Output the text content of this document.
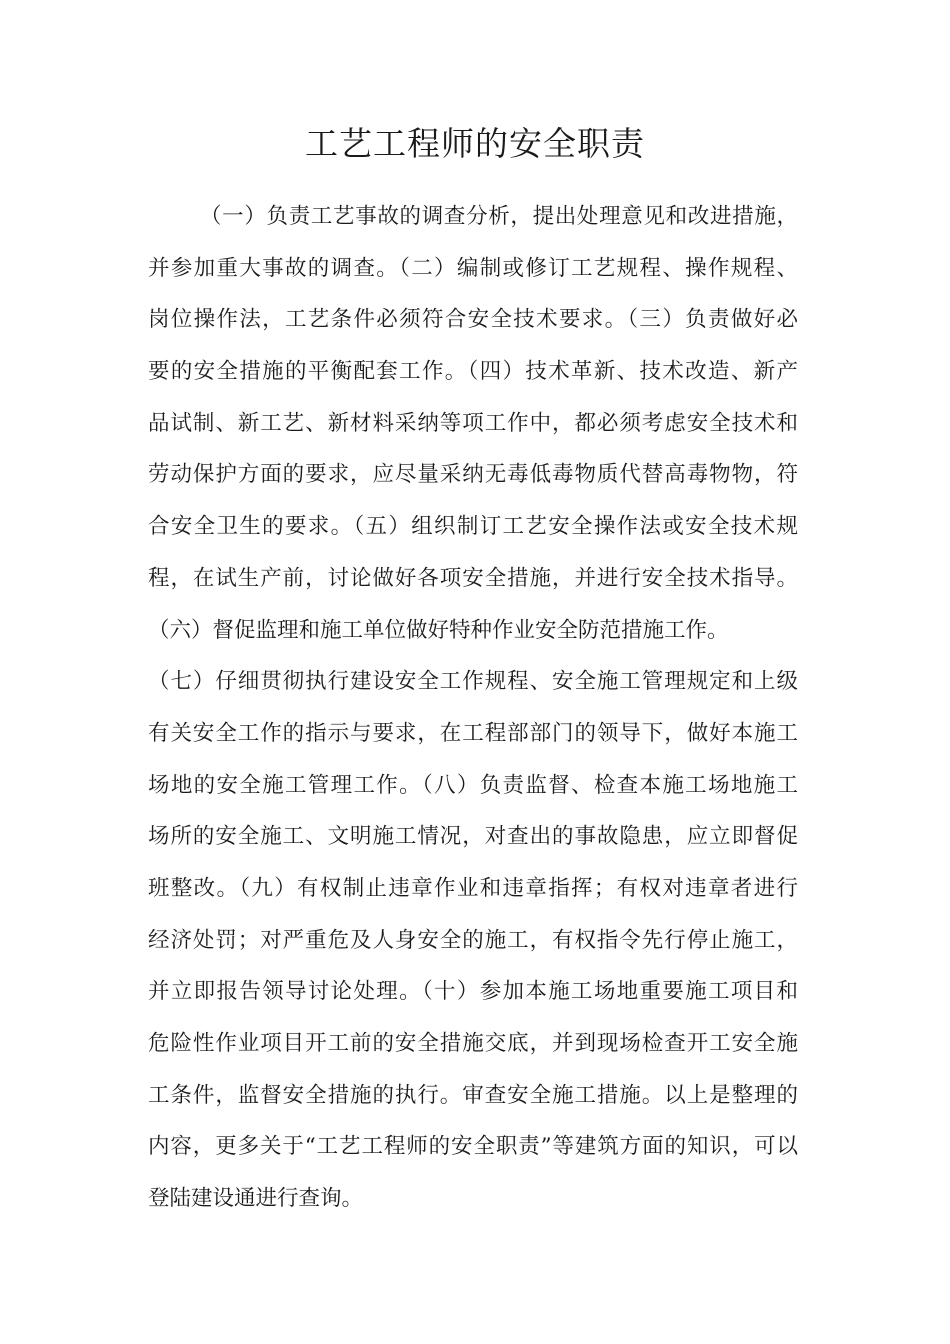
工艺工程师的安全职责
（一）负责工艺事故的调查分析，提出处理意见和改进措施，
并参加重大事故的调查。（二）编制或修订工艺规程、操作规程、
岗位操作法，工艺条件必须符合安全技术要求。（三）负责做好必
要的安全措施的平衡配套工作。（四）技术革新、技术改造、新产
品试制、新工艺、新材料采纳等项工作中，都必须考虑安全技术和
劳动保护方面的要求，应尽量采纳无毒低毒物质代替高毒物物，符
合安全卫生的要求。（五）组织制订工艺安全操作法或安全技术规
程，在试生产前，讨论做好各项安全措施，并进行安全技术指导。
（六）督促监理和施工单位做好特种作业安全防范措施工作。
（七）仔细贯彻执行建设安全工作规程、安全施工管理规定和上级
有关安全工作的指示与要求，在工程部部门的领导下，做好本施工
场地的安全施工管理工作。（八）负责监督、检查本施工场地施工
场所的安全施工、文明施工情况，对查出的事故隐患，应立即督促
班整改。（九）有权制止违章作业和违章指挥；有权对违章者进行
经济处罚；对严重危及人身安全的施工，有权指令先行停止施工，
并立即报告领导讨论处理。（十）参加本施工场地重要施工项目和
危险性作业项目开工前的安全措施交底，并到现场检查开工安全施
工条件，监督安全措施的执行。审查安全施工措施。以上是整理的
内容，更多关于“工艺工程师的安全职责”等建筑方面的知识，可以
登陆建设通进行查询。
